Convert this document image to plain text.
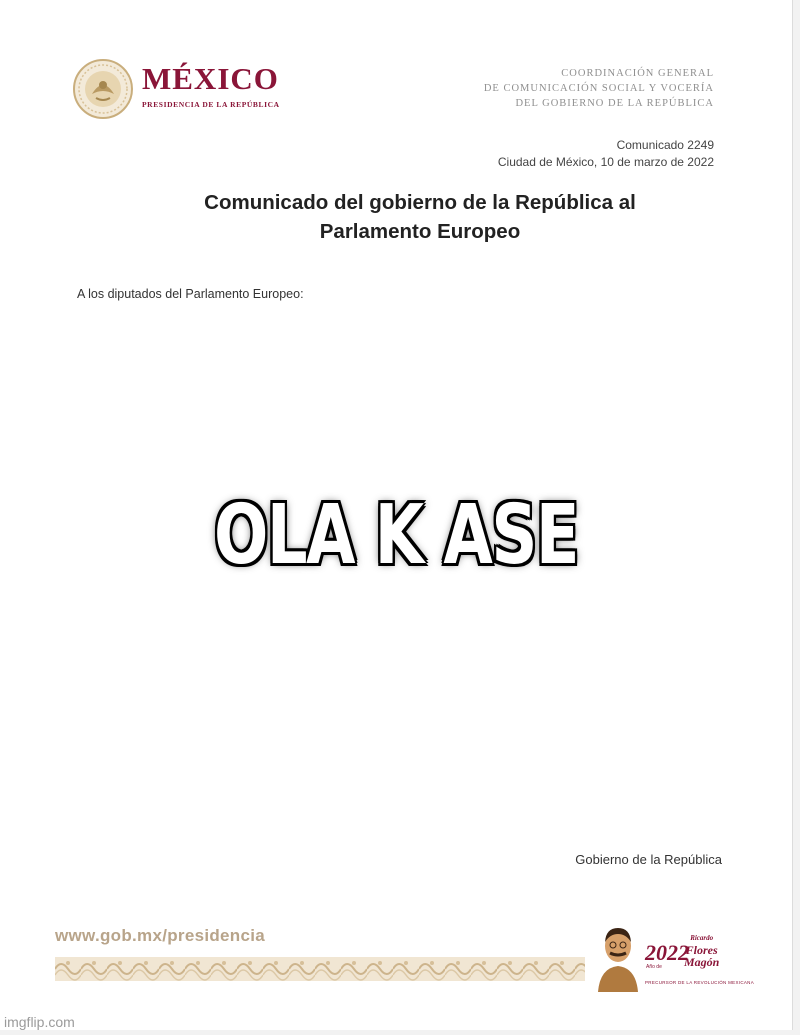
MÉXICO
PRESIDENCIA DE LA REPÚBLICA
COORDINACIÓN GENERAL
DE COMUNICACIÓN SOCIAL Y VOCERÍA
DEL GOBIERNO DE LA REPÚBLICA
Comunicado 2249
Ciudad de México, 10 de marzo de 2022
Comunicado del gobierno de la República al
Parlamento Europeo
A los diputados del Parlamento Europeo:
OLA K ASE
Gobierno de la República
www.gob.mx/presidencia
2022
Ricardo
Flores
Magón
Año de
PRECURSOR DE LA REVOLUCIÓN MEXICANA
imgflip.com
